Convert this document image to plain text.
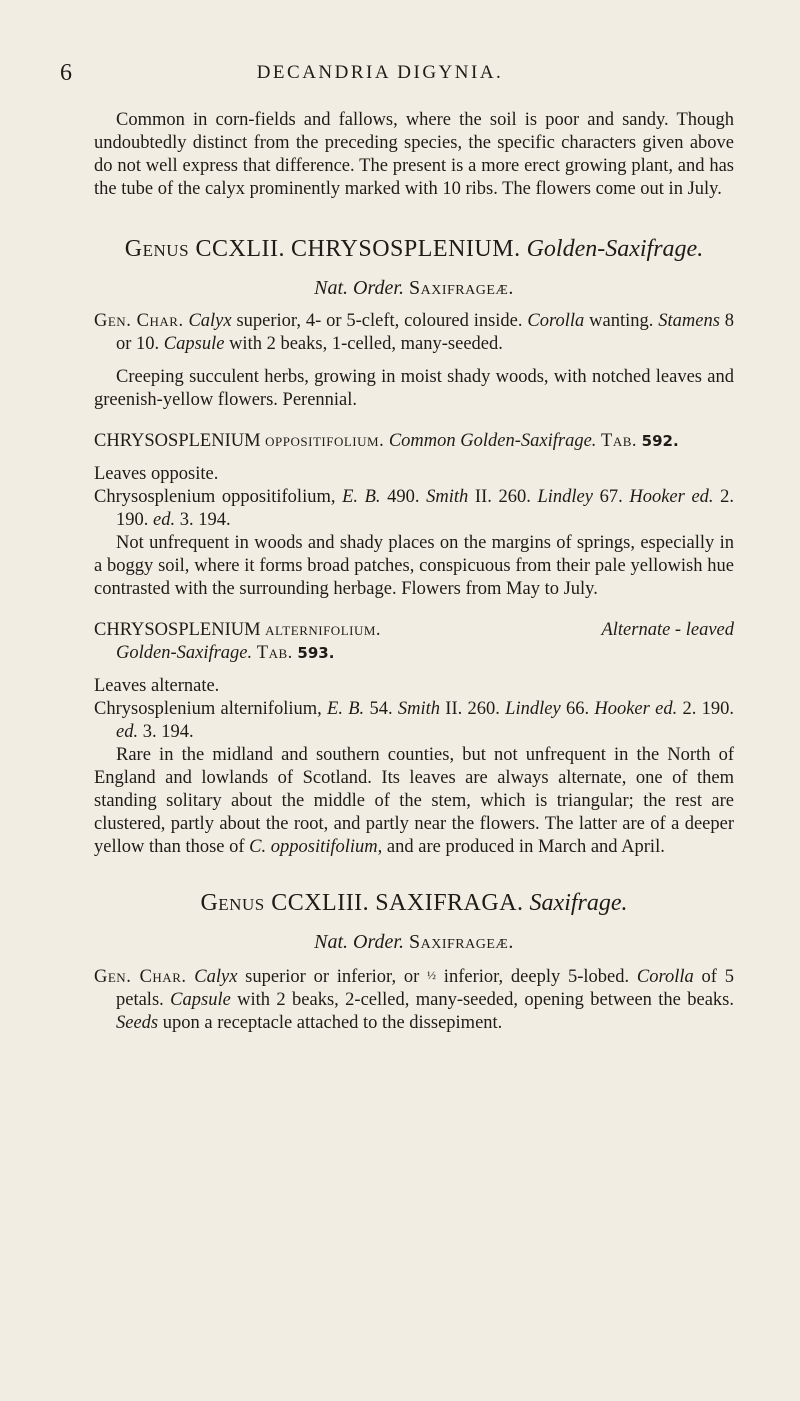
6	DECANDRIA DIGYNIA.

Common in corn-fields and fallows, where the soil is poor and sandy. Though undoubtedly distinct from the preceding species, the specific characters given above do not well express that difference. The present is a more erect growing plant, and has the tube of the calyx prominently marked with 10 ribs. The flowers come out in July.

Genus CCXLII. CHRYSOSPLENIUM. Golden-Saxifrage.
Nat. Order. Saxifrageæ.

Gen. Char. Calyx superior, 4- or 5-cleft, coloured inside. Corolla wanting. Stamens 8 or 10. Capsule with 2 beaks, 1-celled, many-seeded.

Creeping succulent herbs, growing in moist shady woods, with notched leaves and greenish-yellow flowers. Perennial.

CHRYSOSPLENIUM oppositifolium. Common Golden-Saxifrage. Tab. 592.

Leaves opposite.

Chrysosplenium oppositifolium, E. B. 490. Smith II. 260. Lindley 67. Hooker ed. 2. 190. ed. 3. 194.

Not unfrequent in woods and shady places on the margins of springs, especially in a boggy soil, where it forms broad patches, conspicuous from their pale yellowish hue contrasted with the surrounding herbage. Flowers from May to July.

CHRYSOSPLENIUM alternifolium.	Alternate - leaved

Golden-Saxifrage. Tab. 593.

Leaves alternate.

Chrysosplenium alternifolium, E. B. 54. Smith II. 260. Lindley 66. Hooker ed. 2. 190. ed. 3. 194.

Rare in the midland and southern counties, but not unfrequent in the North of England and lowlands of Scotland. Its leaves are always alternate, one of them standing solitary about the middle of the stem, which is triangular; the rest are clustered, partly about the root, and partly near the flowers. The latter are of a deeper yellow than those of C. oppositifolium, and are produced in March and April.

Genus CCXLIII. SAXIFRAGA. Saxifrage.
Nat. Order. Saxifrageæ.

Gen. Char. Calyx superior or inferior, or ½ inferior, deeply 5-lobed. Corolla of 5 petals. Capsule with 2 beaks, 2-celled, many-seeded, opening between the beaks. Seeds upon a receptacle attached to the dissepiment.
